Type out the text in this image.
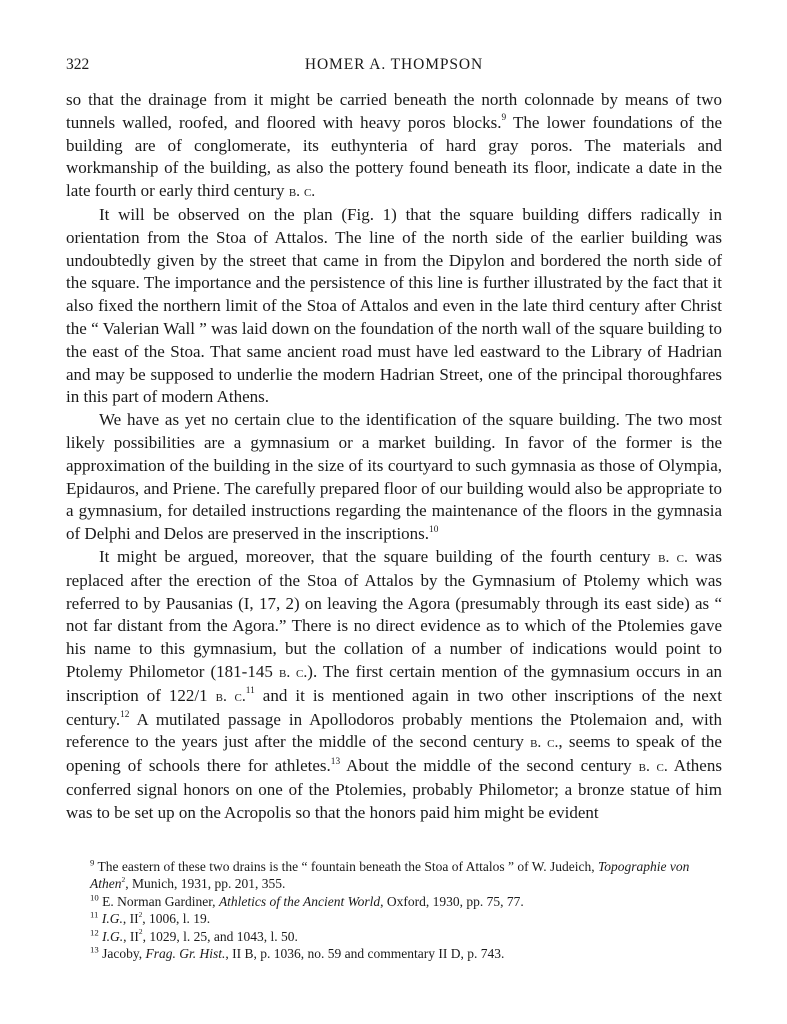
322	HOMER A. THOMPSON

so that the drainage from it might be carried beneath the north colonnade by means of two tunnels walled, roofed, and floored with heavy poros blocks.$^9$ The lower foundations of the building are of conglomerate, its euthynteria of hard gray poros. The materials and workmanship of the building, as also the pottery found beneath its floor, indicate a date in the late fourth or early third century b. c.

It will be observed on the plan (Fig. 1) that the square building differs radically in orientation from the Stoa of Attalos. The line of the north side of the earlier building was undoubtedly given by the street that came in from the Dipylon and bordered the north side of the square. The importance and the persistence of this line is further illustrated by the fact that it also fixed the northern limit of the Stoa of Attalos and even in the late third century after Christ the “ Valerian Wall ” was laid down on the foundation of the north wall of the square building to the east of the Stoa. That same ancient road must have led eastward to the Library of Hadrian and may be supposed to underlie the modern Hadrian Street, one of the principal thoroughfares in this part of modern Athens.

We have as yet no certain clue to the identification of the square building. The two most likely possibilities are a gymnasium or a market building. In favor of the former is the approximation of the building in the size of its courtyard to such gymnasia as those of Olympia, Epidauros, and Priene. The carefully prepared floor of our building would also be appropriate to a gymnasium, for detailed instructions regarding the maintenance of the floors in the gymnasia of Delphi and Delos are preserved in the inscriptions.$^{10}$

It might be argued, moreover, that the square building of the fourth century b. c. was replaced after the erection of the Stoa of Attalos by the Gymnasium of Ptolemy which was referred to by Pausanias (I, 17, 2) on leaving the Agora (presumably through its east side) as “ not far distant from the Agora.” There is no direct evidence as to which of the Ptolemies gave his name to this gymnasium, but the collation of a number of indications would point to Ptolemy Philometor (181-145 b. c.). The first certain mention of the gymnasium occurs in an inscription of 122/1 b. c.$^{11}$ and it is mentioned again in two other inscriptions of the next century.$^{12}$ A mutilated passage in Apollodoros probably mentions the Ptolemaion and, with reference to the years just after the middle of the second century b. c., seems to speak of the opening of schools there for athletes.$^{13}$ About the middle of the second century b. c. Athens conferred signal honors on one of the Ptolemies, probably Philometor; a bronze statue of him was to be set up on the Acropolis so that the honors paid him might be evident

$^9$ The eastern of these two drains is the “ fountain beneath the Stoa of Attalos ” of W. Judeich, Topographie von Athen$^2$, Munich, 1931, pp. 201, 355.
$^{10}$ E. Norman Gardiner, Athletics of the Ancient World, Oxford, 1930, pp. 75, 77.
$^{11}$ I.G., $II^2$, 1006, l. 19.
$^{12}$ I.G., $II^2$, 1029, l. 25, and 1043, l. 50.
$^{13}$ Jacoby, Frag. Gr. Hist., II B, p. 1036, no. 59 and commentary II D, p. 743.
